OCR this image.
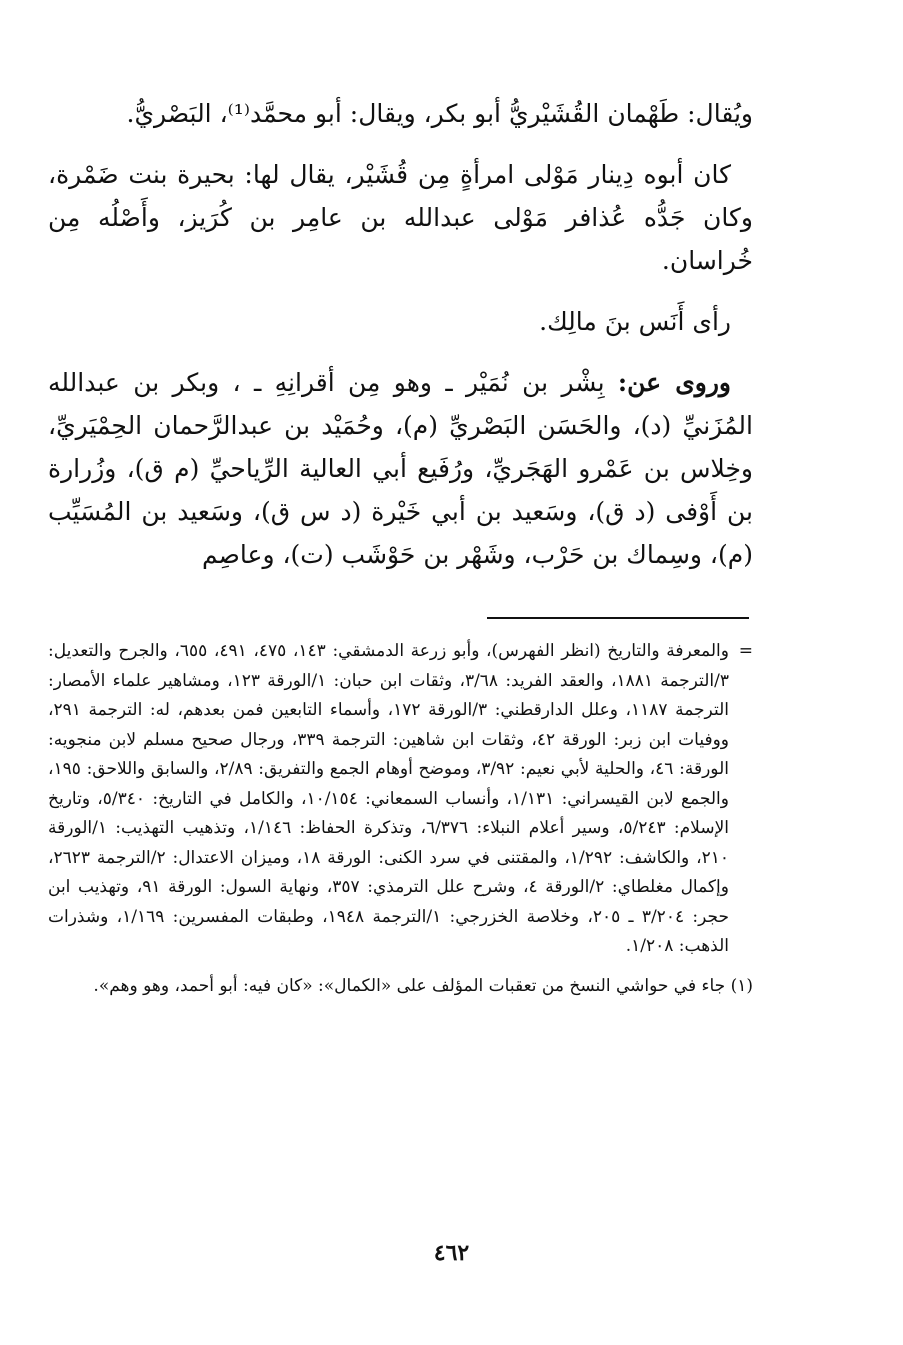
ويُقال: طَهْمان القُشَيْريُّ أبو بكر، ويقال: أبو محمَّد⁽¹⁾، البَصْريُّ.

كان أبوه دِينار مَوْلى امرأةٍ مِن قُشَيْر، يقال لها: بحيرة بنت ضَمْرة، وكان جَدُّه عُذافر مَوْلى عبدالله بن عامِر بن كُرَيز، وأَصْلُه مِن خُراسان.

رأى أَنَس بنَ مالِك.

وروى عن: بِشْر بن نُمَيْر ـ وهو مِن أقرانِهِ ـ ، وبكر بن عبدالله المُزَنيِّ (د)، والحَسَن البَصْريِّ (م)، وحُمَيْد بن عبدالرَّحمان الحِمْيَريِّ، وخِلاس بن عَمْرو الهَجَريِّ، ورُفَيع أبي العالية الرِّياحيِّ (م ق)، وزُرارة بن أَوْفى (د ق)، وسَعيد بن أبي خَيْرة (د س ق)، وسَعيد بن المُسَيِّب (م)، وسِماك بن حَرْب، وشَهْر بن حَوْشَب (ت)، وعاصِم

=
والمعرفة والتاريخ (انظر الفهرس)، وأبو زرعة الدمشقي: ١٤٣، ٤٧٥، ٤٩١، ٦٥٥، والجرح والتعديل: ٣/الترجمة ١٨٨١، والعقد الفريد: ٣/٦٨، وثقات ابن حبان: ١/الورقة ١٢٣، ومشاهير علماء الأمصار: الترجمة ١١٨٧، وعلل الدارقطني: ٣/الورقة ١٧٢، وأسماء التابعين فمن بعدهم، له: الترجمة ٢٩١، ووفيات ابن زبر: الورقة ٤٢، وثقات ابن شاهين: الترجمة ٣٣٩، ورجال صحيح مسلم لابن منجويه: الورقة: ٤٦، والحلية لأبي نعيم: ٣/٩٢، وموضح أوهام الجمع والتفريق: ٢/٨٩، والسابق واللاحق: ١٩٥، والجمع لابن القيسراني: ١/١٣١، وأنساب السمعاني: ١٠/١٥٤، والكامل في التاريخ: ٥/٣٤٠، وتاريخ الإسلام: ٥/٢٤٣، وسير أعلام النبلاء: ٦/٣٧٦، وتذكرة الحفاظ: ١/١٤٦، وتذهيب التهذيب: ١/الورقة ٢١٠، والكاشف: ١/٢٩٢، والمقتنى في سرد الكنى: الورقة ١٨، وميزان الاعتدال: ٢/الترجمة ٢٦٢٣، وإكمال مغلطاي: ٢/الورقة ٤، وشرح علل الترمذي: ٣٥٧، ونهاية السول: الورقة ٩١، وتهذيب ابن حجر: ٣/٢٠٤ ـ ٢٠٥، وخلاصة الخزرجي: ١/الترجمة ١٩٤٨، وطبقات المفسرين: ١/١٦٩، وشذرات الذهب: ١/٢٠٨.

(١) جاء في حواشي النسخ من تعقبات المؤلف على «الكمال»: «كان فيه: أبو أحمد، وهو وهم».

٤٦٢
